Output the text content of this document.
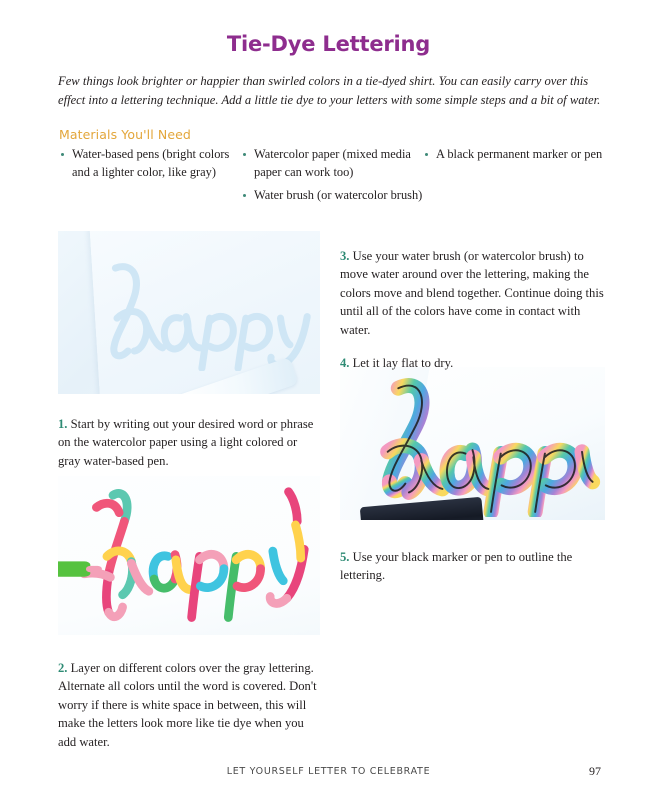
Tie-Dye Lettering
Few things look brighter or happier than swirled colors in a tie-dyed shirt. You can easily carry over this effect into a lettering technique. Add a little tie dye to your letters with some simple steps and a bit of water.
Materials You'll Need
Water-based pens (bright colors and a lighter color, like gray)
Watercolor paper (mixed media paper can work too)
Water brush (or watercolor brush)
A black permanent marker or pen

1. Start by writing out your desired word or phrase on the watercolor paper using a light colored or gray water-based pen.

2. Layer on different colors over the gray lettering. Alternate all colors until the word is covered. Don't worry if there is white space in between, this will make the letters look more like tie dye when you add water.

3. Use your water brush (or watercolor brush) to move water around over the lettering, making the colors move and blend together. Continue doing this until all of the colors have come in contact with water.

4. Let it lay flat to dry.

5. Use your black marker or pen to outline the lettering.

LET YOURSELF LETTER TO CELEBRATE	97
